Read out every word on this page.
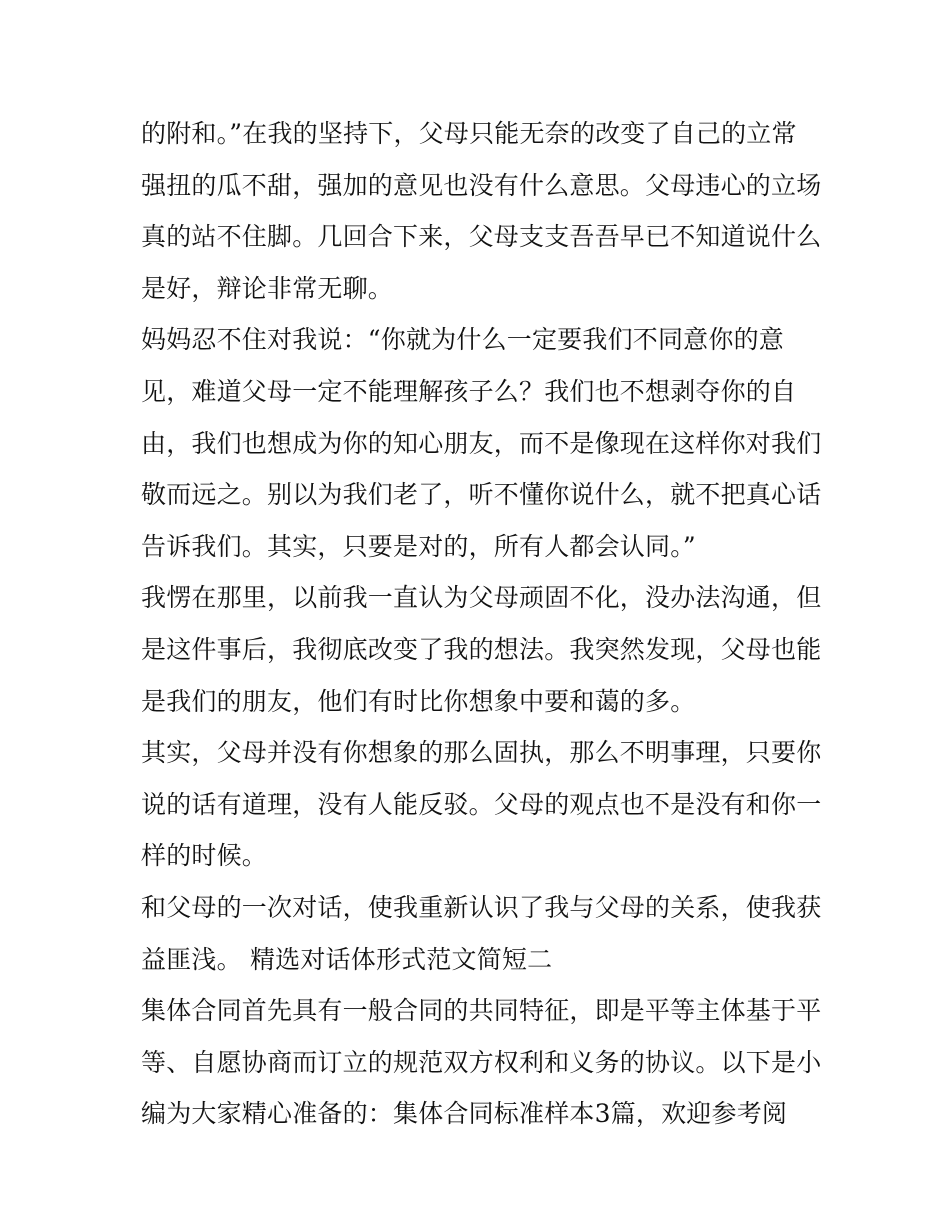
的附和。”在我的坚持下，父母只能无奈的改变了自己的立常
强扭的瓜不甜，强加的意见也没有什么意思。父母违心的立场
真的站不住脚。几回合下来，父母支支吾吾早已不知道说什么
是好，辩论非常无聊。
妈妈忍不住对我说：“你就为什么一定要我们不同意你的意
见，难道父母一定不能理解孩子么？我们也不想剥夺你的自
由，我们也想成为你的知心朋友，而不是像现在这样你对我们
敬而远之。别以为我们老了，听不懂你说什么，就不把真心话
告诉我们。其实，只要是对的，所有人都会认同。”
我愣在那里，以前我一直认为父母顽固不化，没办法沟通，但
是这件事后，我彻底改变了我的想法。我突然发现，父母也能
是我们的朋友，他们有时比你想象中要和蔼的多。
其实，父母并没有你想象的那么固执，那么不明事理，只要你
说的话有道理，没有人能反驳。父母的观点也不是没有和你一
样的时候。
和父母的一次对话，使我重新认识了我与父母的关系，使我获
益匪浅。 精选对话体形式范文简短二
集体合同首先具有一般合同的共同特征，即是平等主体基于平
等、自愿协商而订立的规范双方权利和义务的协议。以下是小
编为大家精心准备的：集体合同标准样本3篇，欢迎参考阅
